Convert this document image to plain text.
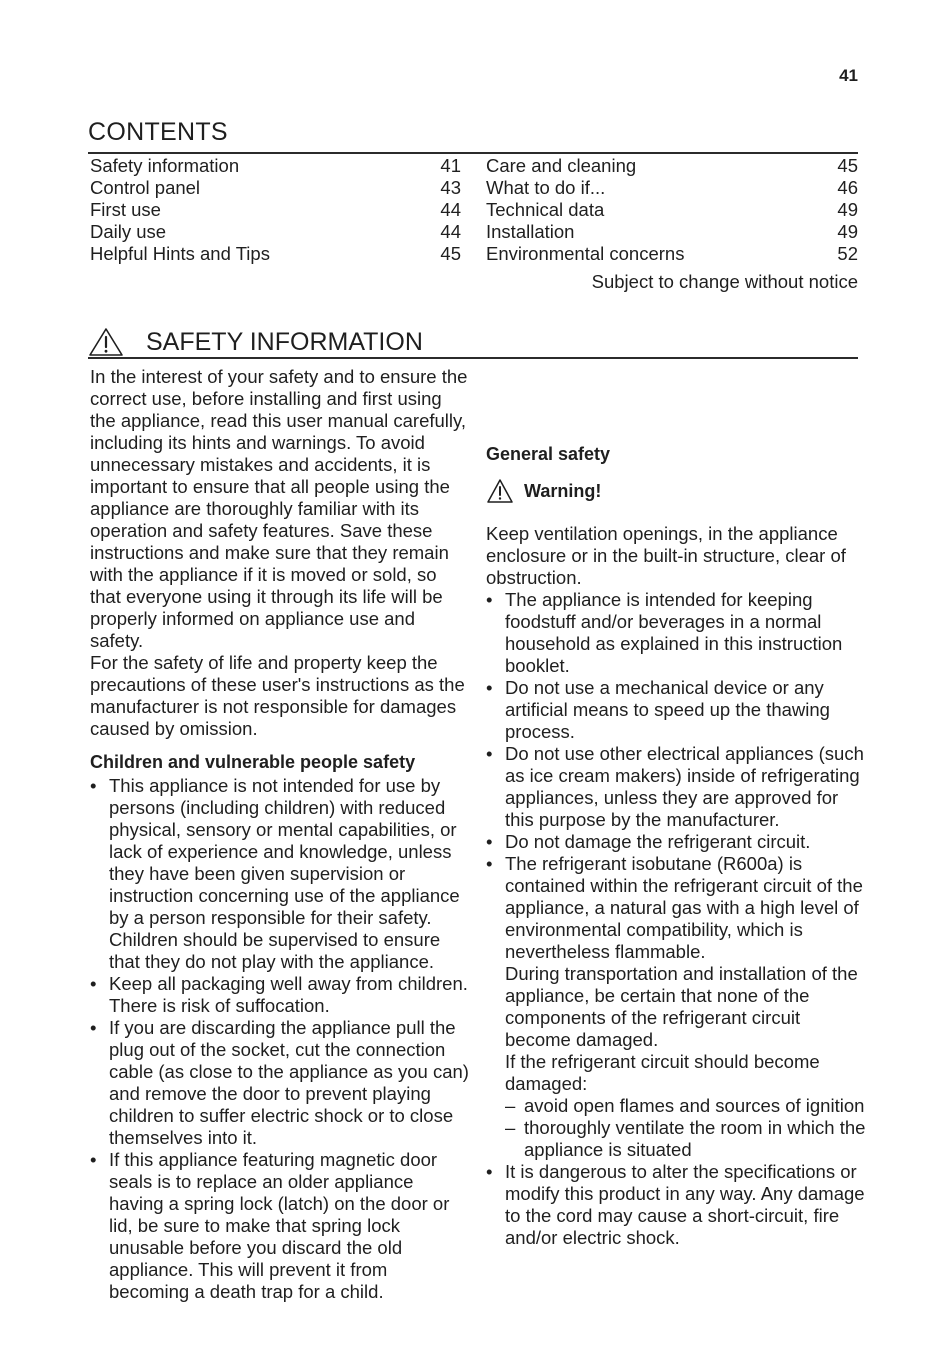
41
CONTENTS
Safety information	41
Control panel	43
First use	44
Daily use	44
Helpful Hints and Tips	45
Care and cleaning	45
What to do if...	46
Technical data	49
Installation	49
Environmental concerns	52
Subject to change without notice
SAFETY INFORMATION

In the interest of your safety and to ensure the correct use, before installing and first using the appliance, read this user manual carefully, including its hints and warnings. To avoid unnecessary mistakes and accidents, it is important to ensure that all people using the appliance are thoroughly familiar with its operation and safety features. Save these instructions and make sure that they remain with the appliance if it is moved or sold, so that everyone using it through its life will be properly informed on appliance use and safety.

For the safety of life and property keep the precautions of these user's instructions as the manufacturer is not responsible for damages caused by omission.

Children and vulnerable people safety
• This appliance is not intended for use by persons (including children) with reduced physical, sensory or mental capabilities, or lack of experience and knowledge, unless they have been given supervision or instruction concerning use of the appliance by a person responsible for their safety.
Children should be supervised to ensure that they do not play with the appliance.
• Keep all packaging well away from children. There is risk of suffocation.
• If you are discarding the appliance pull the plug out of the socket, cut the connection cable (as close to the appliance as you can) and remove the door to prevent playing children to suffer electric shock or to close themselves into it.
• If this appliance featuring magnetic door seals is to replace an older appliance having a spring lock (latch) on the door or lid, be sure to make that spring lock unusable before you discard the old appliance. This will prevent it from becoming a death trap for a child.
General safety
Warning!

Keep ventilation openings, in the appliance enclosure or in the built-in structure, clear of obstruction.

• The appliance is intended for keeping foodstuff and/or beverages in a normal household as explained in this instruction booklet.
• Do not use a mechanical device or any artificial means to speed up the thawing process.
• Do not use other electrical appliances (such as ice cream makers) inside of refrigerating appliances, unless they are approved for this purpose by the manufacturer.
• Do not damage the refrigerant circuit.
• The refrigerant isobutane (R600a) is contained within the refrigerant circuit of the appliance, a natural gas with a high level of environmental compatibility, which is nevertheless flammable.
During transportation and installation of the appliance, be certain that none of the components of the refrigerant circuit become damaged.
If the refrigerant circuit should become damaged:
– avoid open flames and sources of ignition
– thoroughly ventilate the room in which the appliance is situated
• It is dangerous to alter the specifications or modify this product in any way. Any damage to the cord may cause a short-circuit, fire and/or electric shock.
